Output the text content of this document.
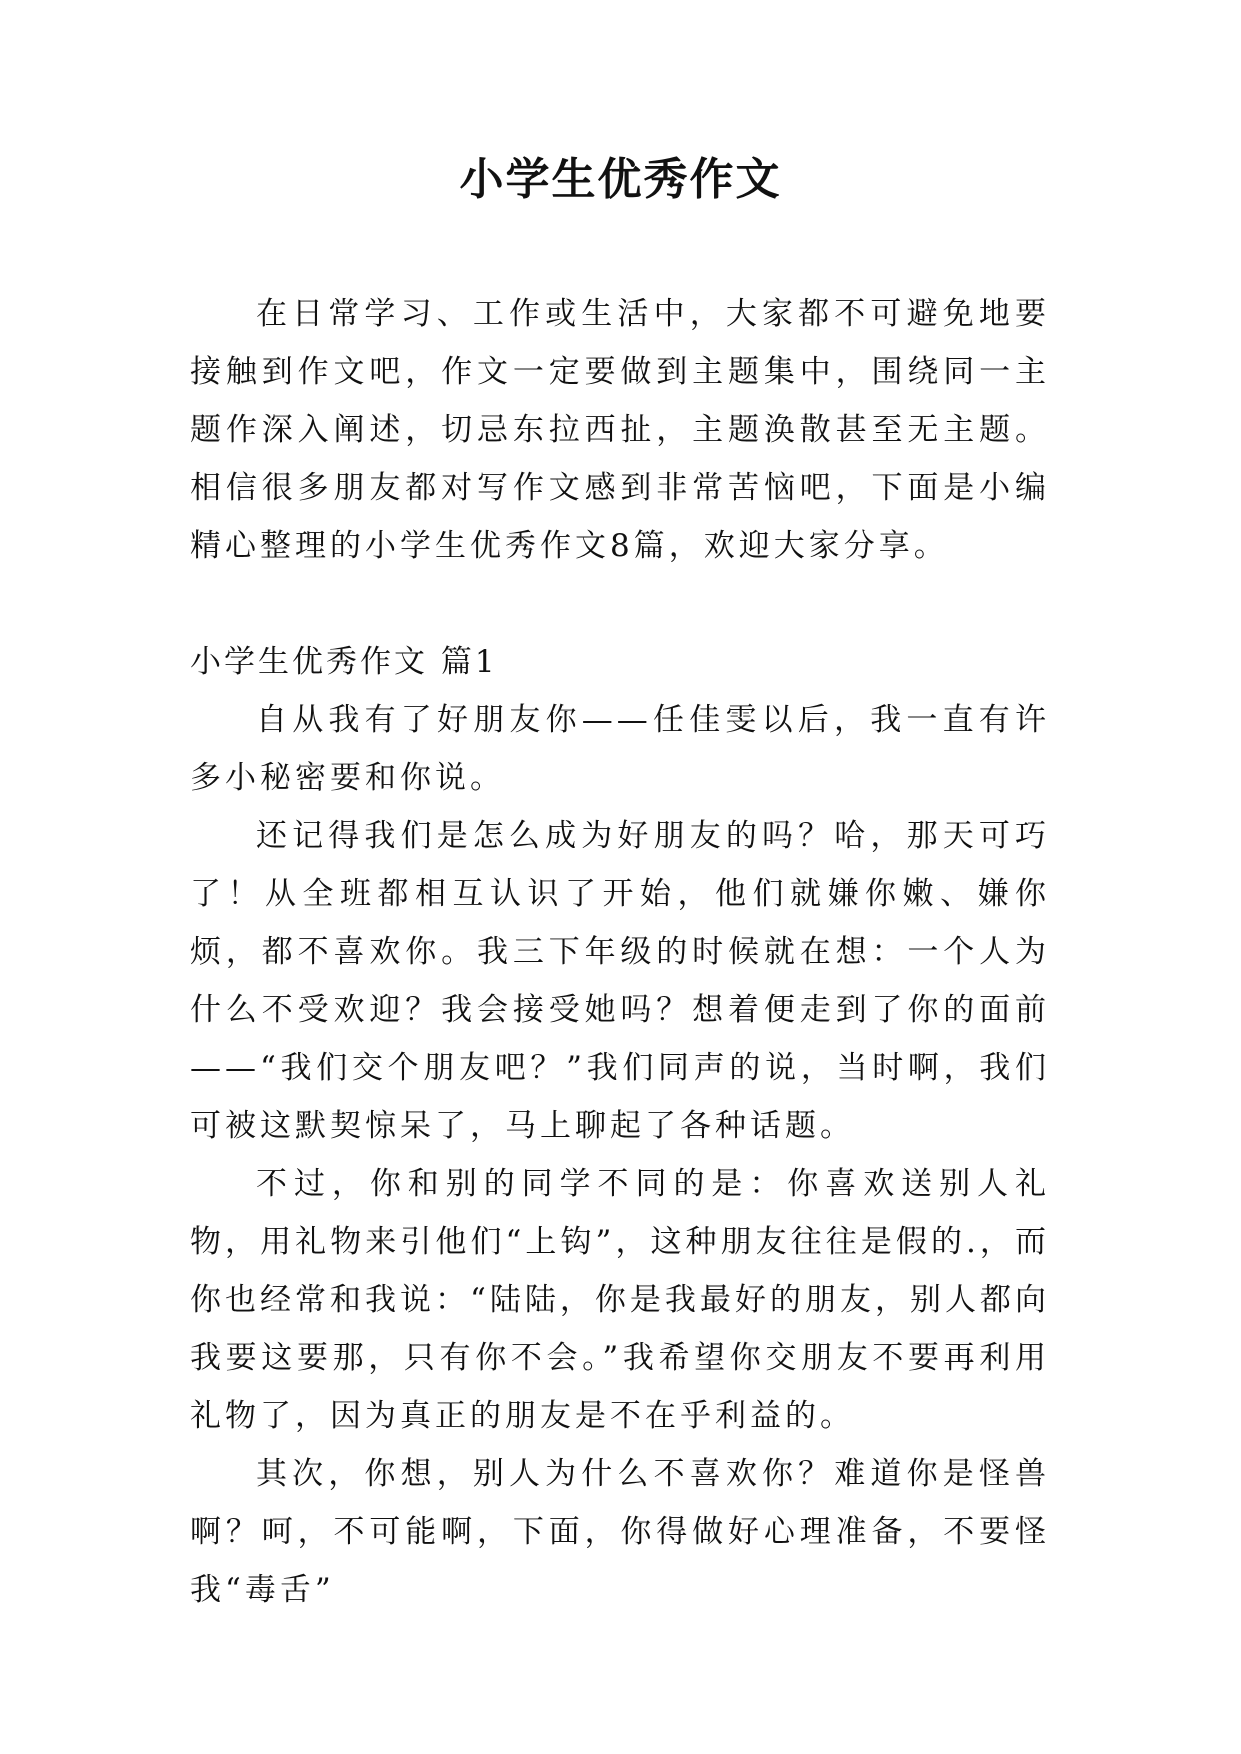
小学生优秀作文

在日常学习、工作或生活中，大家都不可避免地要接触到作文吧，作文一定要做到主题集中，围绕同一主题作深入阐述，切忌东拉西扯，主题涣散甚至无主题。相信很多朋友都对写作文感到非常苦恼吧，下面是小编精心整理的小学生优秀作文8篇，欢迎大家分享。

小学生优秀作文 篇1

自从我有了好朋友你——任佳雯以后，我一直有许多小秘密要和你说。

还记得我们是怎么成为好朋友的吗？哈，那天可巧了！从全班都相互认识了开始，他们就嫌你嫩、嫌你烦，都不喜欢你。我三下年级的时候就在想：一个人为什么不受欢迎？我会接受她吗？想着便走到了你的面前——“我们交个朋友吧？”我们同声的说，当时啊，我们可被这默契惊呆了，马上聊起了各种话题。

不过，你和别的同学不同的是：你喜欢送别人礼物，用礼物来引他们“上钩”，这种朋友往往是假的.，而你也经常和我说：“陆陆，你是我最好的朋友，别人都向我要这要那，只有你不会。”我希望你交朋友不要再利用礼物了，因为真正的朋友是不在乎利益的。

其次，你想，别人为什么不喜欢你？难道你是怪兽啊？呵，不可能啊，下面，你得做好心理准备，不要怪我“毒舌”
